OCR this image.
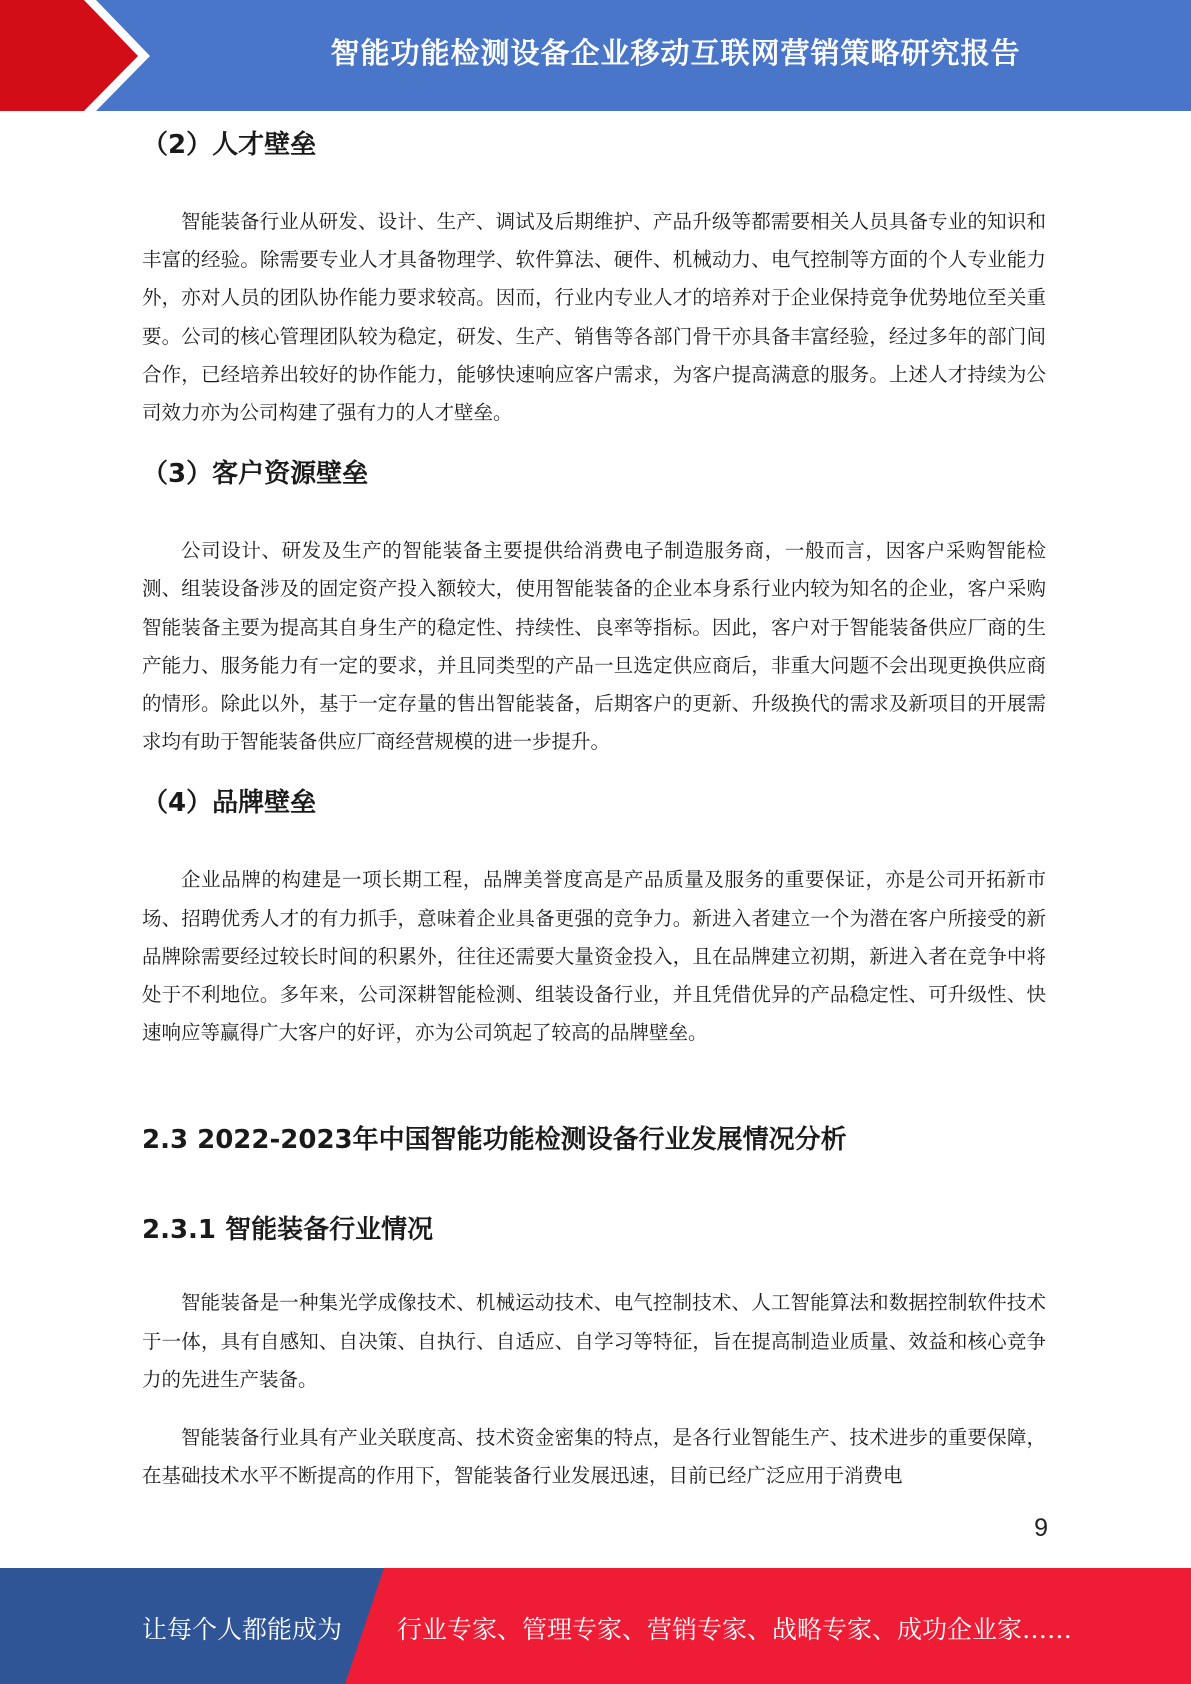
智能功能检测设备企业移动互联网营销策略研究报告
（2）人才壁垒

智能装备行业从研发、设计、生产、调试及后期维护、产品升级等都需要相关人员具备专业的知识和丰富的经验。除需要专业人才具备物理学、软件算法、硬件、机械动力、电气控制等方面的个人专业能力外，亦对人员的团队协作能力要求较高。因而，行业内专业人才的培养对于企业保持竞争优势地位至关重要。公司的核心管理团队较为稳定，研发、生产、销售等各部门骨干亦具备丰富经验，经过多年的部门间合作，已经培养出较好的协作能力，能够快速响应客户需求，为客户提高满意的服务。上述人才持续为公司效力亦为公司构建了强有力的人才壁垒。

（3）客户资源壁垒

公司设计、研发及生产的智能装备主要提供给消费电子制造服务商，一般而言，因客户采购智能检测、组装设备涉及的固定资产投入额较大，使用智能装备的企业本身系行业内较为知名的企业，客户采购智能装备主要为提高其自身生产的稳定性、持续性、良率等指标。因此，客户对于智能装备供应厂商的生产能力、服务能力有一定的要求，并且同类型的产品一旦选定供应商后，非重大问题不会出现更换供应商的情形。除此以外，基于一定存量的售出智能装备，后期客户的更新、升级换代的需求及新项目的开展需求均有助于智能装备供应厂商经营规模的进一步提升。

（4）品牌壁垒

企业品牌的构建是一项长期工程，品牌美誉度高是产品质量及服务的重要保证，亦是公司开拓新市场、招聘优秀人才的有力抓手，意味着企业具备更强的竞争力。新进入者建立一个为潜在客户所接受的新品牌除需要经过较长时间的积累外，往往还需要大量资金投入，且在品牌建立初期，新进入者在竞争中将处于不利地位。多年来，公司深耕智能检测、组装设备行业，并且凭借优异的产品稳定性、可升级性、快速响应等赢得广大客户的好评，亦为公司筑起了较高的品牌壁垒。

2.3 2022-2023年中国智能功能检测设备行业发展情况分析
2.3.1 智能装备行业情况

智能装备是一种集光学成像技术、机械运动技术、电气控制技术、人工智能算法和数据控制软件技术于一体，具有自感知、自决策、自执行、自适应、自学习等特征，旨在提高制造业质量、效益和核心竞争力的先进生产装备。

智能装备行业具有产业关联度高、技术资金密集的特点，是各行业智能生产、技术进步的重要保障，在基础技术水平不断提高的作用下，智能装备行业发展迅速，目前已经广泛应用于消费电

9
让每个人都能成为 行业专家、管理专家、营销专家、战略专家、成功企业家……
